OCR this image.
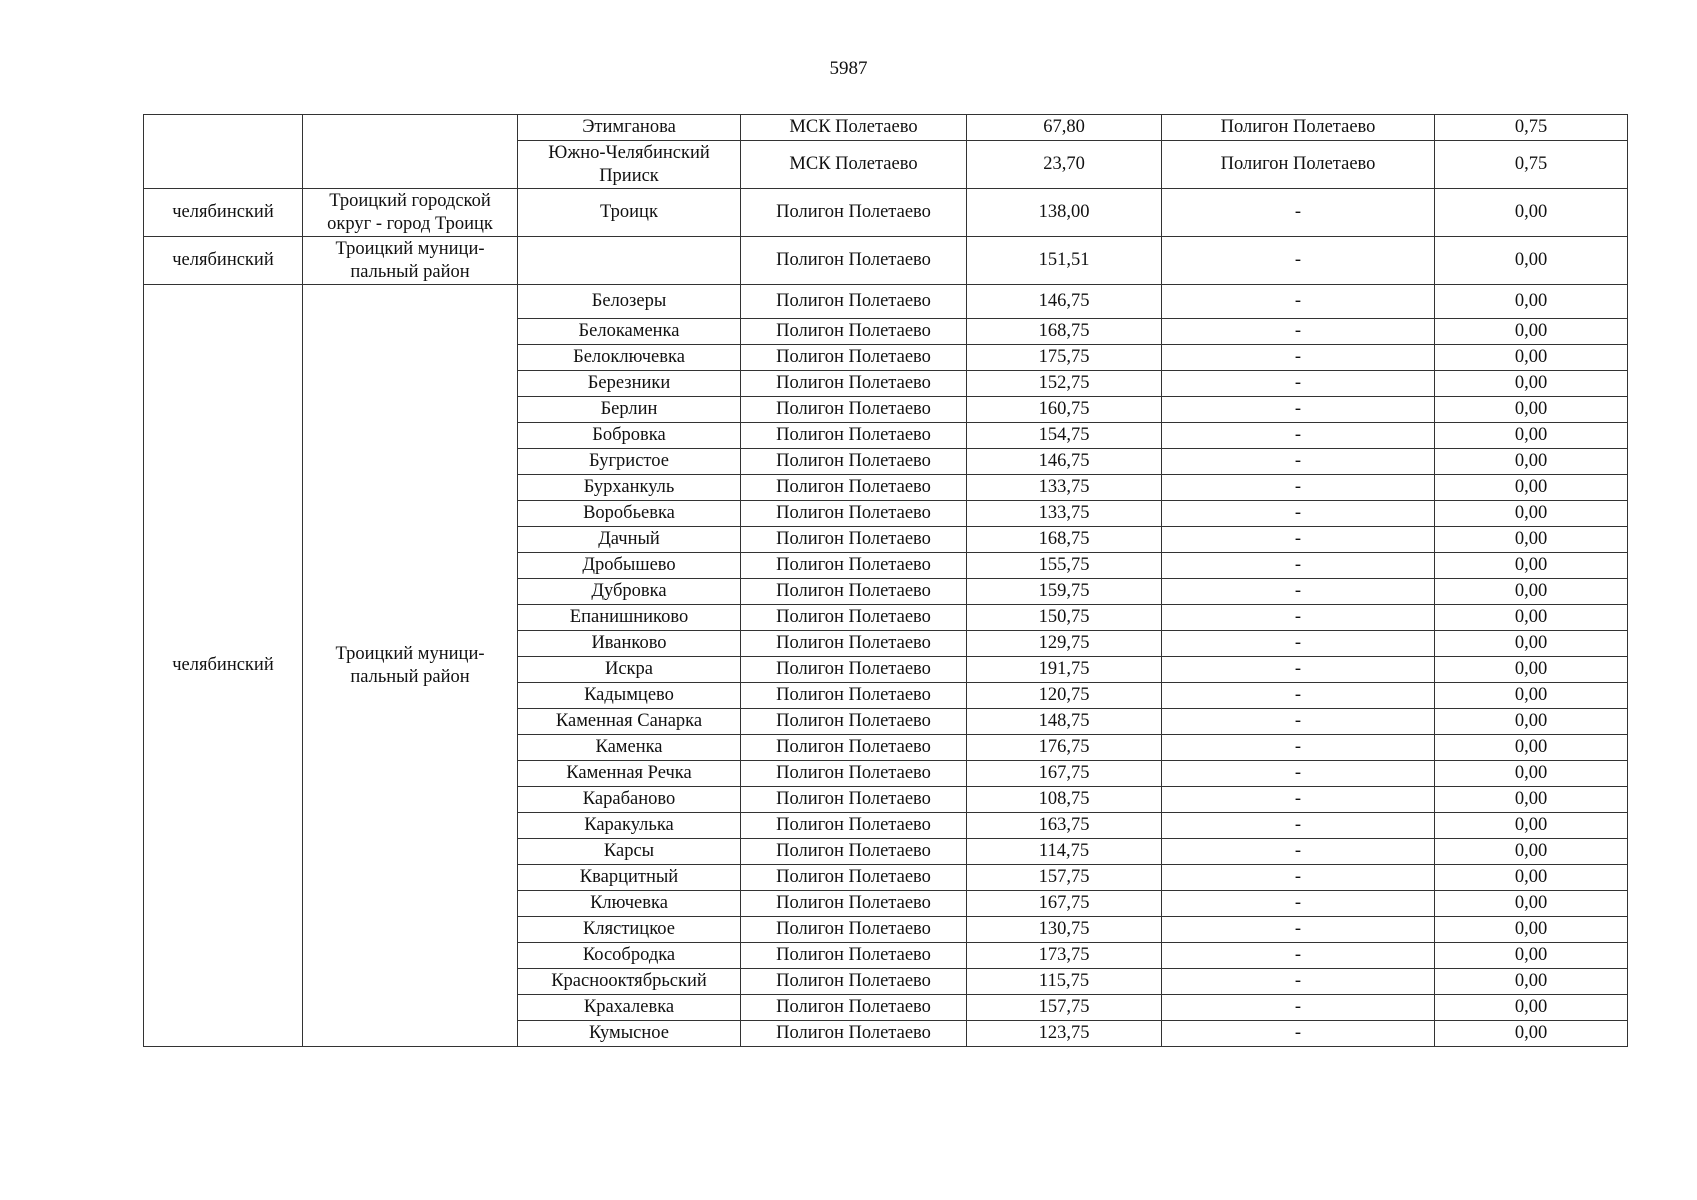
5987
		Этимганова	МСК Полетаево	67,80	Полигон Полетаево	0,75
		Южно-Челябинский Прииск	МСК Полетаево	23,70	Полигон Полетаево	0,75
челябинский	Троицкий городской округ - город Троицк	Троицк	Полигон Полетаево	138,00	-	0,00
челябинский	Троицкий муници-пальный район		Полигон Полетаево	151,51	-	0,00
челябинский	Троицкий муници-пальный район	Белозеры	Полигон Полетаево	146,75	-	0,00
		Белокаменка	Полигон Полетаево	168,75	-	0,00
		Белоключевка	Полигон Полетаево	175,75	-	0,00
		Березники	Полигон Полетаево	152,75	-	0,00
		Берлин	Полигон Полетаево	160,75	-	0,00
		Бобровка	Полигон Полетаево	154,75	-	0,00
		Бугристое	Полигон Полетаево	146,75	-	0,00
		Бурханкуль	Полигон Полетаево	133,75	-	0,00
		Воробьевка	Полигон Полетаево	133,75	-	0,00
		Дачный	Полигон Полетаево	168,75	-	0,00
		Дробышево	Полигон Полетаево	155,75	-	0,00
		Дубровка	Полигон Полетаево	159,75	-	0,00
		Епанишниково	Полигон Полетаево	150,75	-	0,00
		Иванково	Полигон Полетаево	129,75	-	0,00
		Искра	Полигон Полетаево	191,75	-	0,00
		Кадымцево	Полигон Полетаево	120,75	-	0,00
		Каменная Санарка	Полигон Полетаево	148,75	-	0,00
		Каменка	Полигон Полетаево	176,75	-	0,00
		Каменная Речка	Полигон Полетаево	167,75	-	0,00
		Карабаново	Полигон Полетаево	108,75	-	0,00
		Каракулька	Полигон Полетаево	163,75	-	0,00
		Карсы	Полигон Полетаево	114,75	-	0,00
		Кварцитный	Полигон Полетаево	157,75	-	0,00
		Ключевка	Полигон Полетаево	167,75	-	0,00
		Клястицкое	Полигон Полетаево	130,75	-	0,00
		Кособродка	Полигон Полетаево	173,75	-	0,00
		Краснооктябрьский	Полигон Полетаево	115,75	-	0,00
		Крахалевка	Полигон Полетаево	157,75	-	0,00
		Кумысное	Полигон Полетаево	123,75	-	0,00
